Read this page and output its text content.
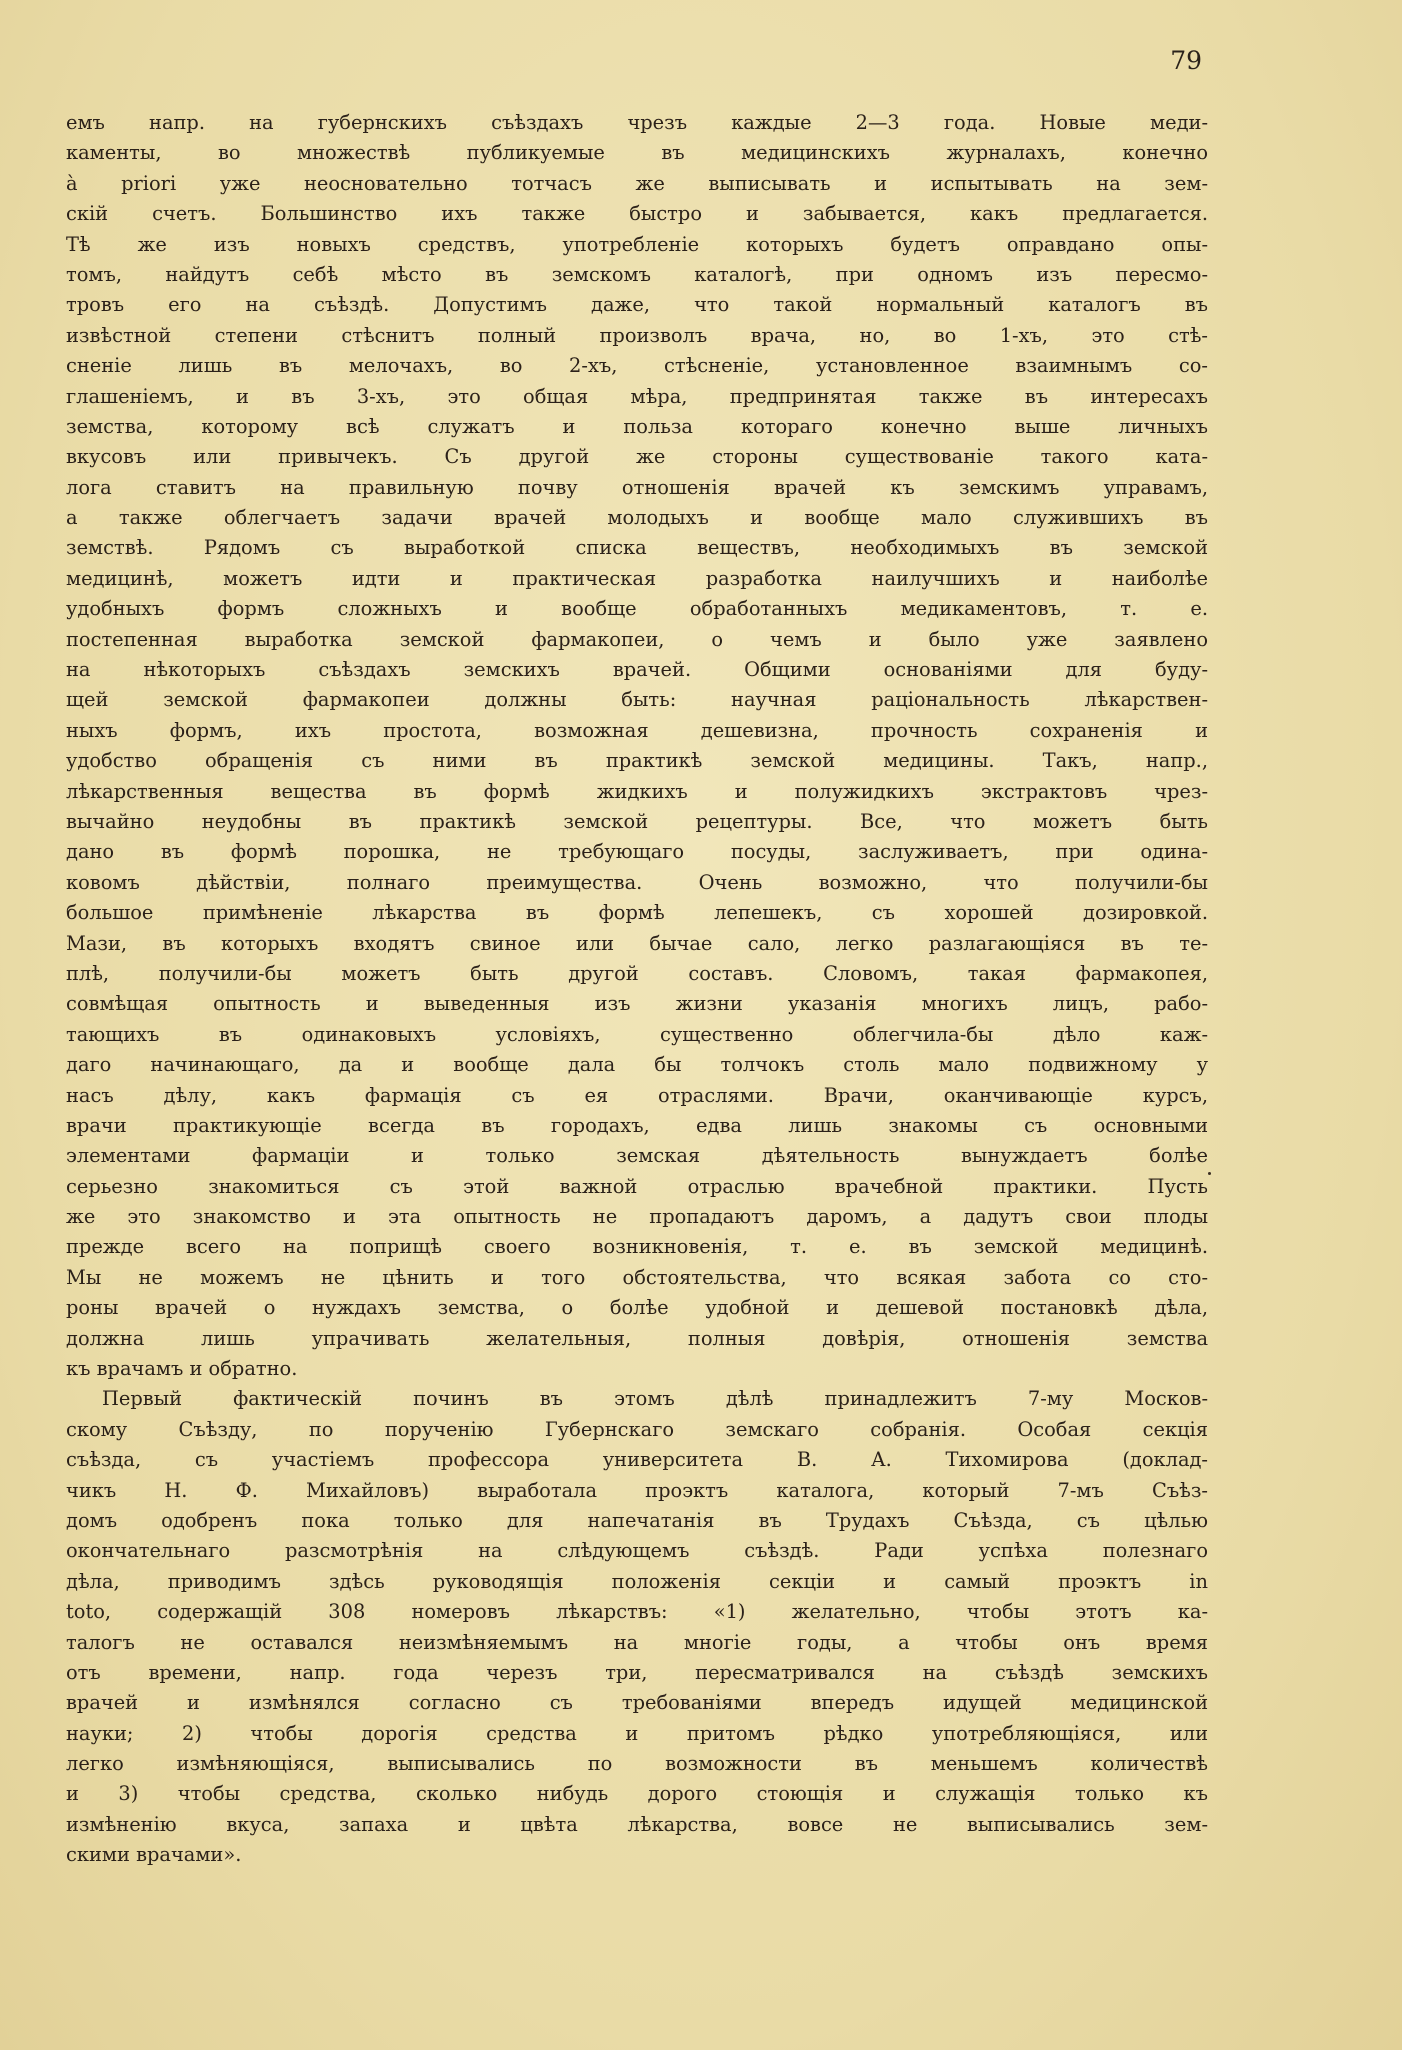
79
емъ напр. на губернскихъ съѣздахъ чрезъ каждые 2—3 года. Новые меди-
каменты, во множествѣ публикуемые въ медицинскихъ журналахъ, конечно
à priori уже неосновательно тотчасъ же выписывать и испытывать на зем-
скій счетъ. Большинство ихъ также быстро и забывается, какъ предлагается.
Тѣ же изъ новыхъ средствъ, употребленіе которыхъ будетъ оправдано опы-
томъ, найдутъ себѣ мѣсто въ земскомъ каталогѣ, при одномъ изъ пересмо-
тровъ его на съѣздѣ. Допустимъ даже, что такой нормальный каталогъ въ
извѣстной степени стѣснитъ полный произволъ врача, но, во 1-хъ, это стѣ-
сненіе лишь въ мелочахъ, во 2-хъ, стѣсненіе, установленное взаимнымъ со-
глашеніемъ, и въ 3-хъ, это общая мѣра, предпринятая также въ интересахъ
земства, которому всѣ служатъ и польза котораго конечно выше личныхъ
вкусовъ или привычекъ. Съ другой же стороны существованіе такого ката-
лога ставитъ на правильную почву отношенія врачей къ земскимъ управамъ,
а также облегчаетъ задачи врачей молодыхъ и вообще мало служившихъ въ
земствѣ. Рядомъ съ выработкой списка веществъ, необходимыхъ въ земской
медицинѣ, можетъ идти и практическая разработка наилучшихъ и наиболѣе
удобныхъ формъ сложныхъ и вообще обработанныхъ медикаментовъ, т. е.
постепенная выработка земской фармакопеи, о чемъ и было уже заявлено
на нѣкоторыхъ съѣздахъ земскихъ врачей. Общими основаніями для буду-
щей земской фармакопеи должны быть: научная раціональность лѣкарствен-
ныхъ формъ, ихъ простота, возможная дешевизна, прочность сохраненія и
удобство обращенія съ ними въ практикѣ земской медицины. Такъ, напр.,
лѣкарственныя вещества въ формѣ жидкихъ и полужидкихъ экстрактовъ чрез-
вычайно неудобны въ практикѣ земской рецептуры. Все, что можетъ быть
дано въ формѣ порошка, не требующаго посуды, заслуживаетъ, при одина-
ковомъ дѣйствіи, полнаго преимущества. Очень возможно, что получили-бы
большое примѣненіе лѣкарства въ формѣ лепешекъ, съ хорошей дозировкой.
Мази, въ которыхъ входятъ свиное или бычае сало, легко разлагающіяся въ те-
плѣ, получили-бы можетъ быть другой составъ. Словомъ, такая фармакопея,
совмѣщая опытность и выведенныя изъ жизни указанія многихъ лицъ, рабо-
тающихъ въ одинаковыхъ условіяхъ, существенно облегчила-бы дѣло каж-
даго начинающаго, да и вообще дала бы толчокъ столь мало подвижному у
насъ дѣлу, какъ фармація съ ея отраслями. Врачи, оканчивающіе курсъ,
врачи практикующіе всегда въ городахъ, едва лишь знакомы съ основными
элементами фармаціи и только земская дѣятельность вынуждаетъ болѣе
серьезно знакомиться съ этой важной отраслью врачебной практики. Пусть
же это знакомство и эта опытность не пропадаютъ даромъ, а дадутъ свои плоды
прежде всего на поприщѣ своего возникновенія, т. е. въ земской медицинѣ.
Мы не можемъ не цѣнить и того обстоятельства, что всякая забота со сто-
роны врачей о нуждахъ земства, о болѣе удобной и дешевой постановкѣ дѣла,
должна лишь упрачивать желательныя, полныя довѣрія, отношенія земства
къ врачамъ и обратно.
Первый фактическій починъ въ этомъ дѣлѣ принадлежитъ 7-му Москов-
скому Съѣзду, по порученію Губернскаго земскаго собранія. Особая секція
съѣзда, съ участіемъ профессора университета В. А. Тихомирова (доклад-
чикъ Н. Ф. Михайловъ) выработала проэктъ каталога, который 7-мъ Съѣз-
домъ одобренъ пока только для напечатанія въ Трудахъ Съѣзда, съ цѣлью
окончательнаго разсмотрѣнія на слѣдующемъ съѣздѣ. Ради успѣха полезнаго
дѣла, приводимъ здѣсь руководящія положенія секціи и самый проэктъ in
toto, содержащій 308 номеровъ лѣкарствъ: «1) желательно, чтобы этотъ ка-
талогъ не оставался неизмѣняемымъ на многіе годы, а чтобы онъ время
отъ времени, напр. года черезъ три, пересматривался на съѣздѣ земскихъ
врачей и измѣнялся согласно съ требованіями впередъ идущей медицинской
науки; 2) чтобы дорогія средства и притомъ рѣдко употребляющіяся, или
легко измѣняющіяся, выписывались по возможности въ меньшемъ количествѣ
и 3) чтобы средства, сколько нибудь дорого стоющія и служащія только къ
измѣненію вкуса, запаха и цвѣта лѣкарства, вовсе не выписывались зем-
скими врачами».
